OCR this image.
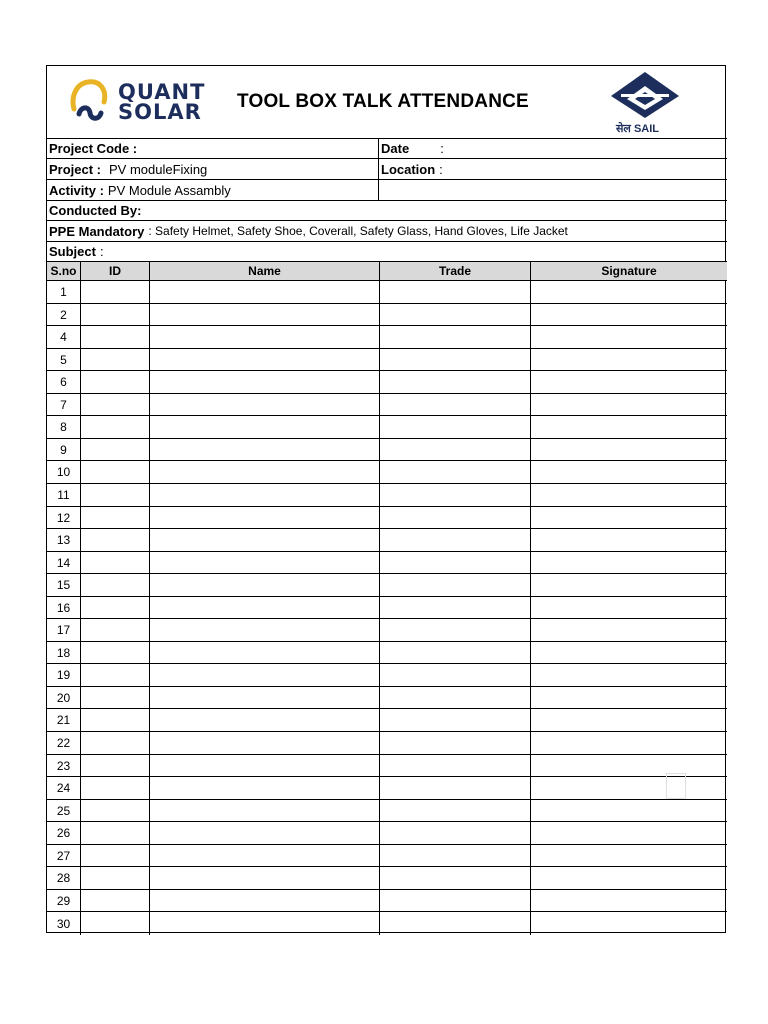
QUANT
SOLAR TOOL BOX TALK ATTENDANCE
सेल SAIL
Project Code :	Date :
Project : PV moduleFixing	Location :
Activity : PV Module Assambly
Conducted By:
PPE Mandatory : Safety Helmet, Safety Shoe, Coverall, Safety Glass, Hand Gloves, Life Jacket
Subject :
S.no	ID	Name	Trade	Signature
1
2
4
5
6
7
8
9
10
11
12
13
14
15
16
17
18
19
20
21
22
23
24
25
26
27
28
29
30
